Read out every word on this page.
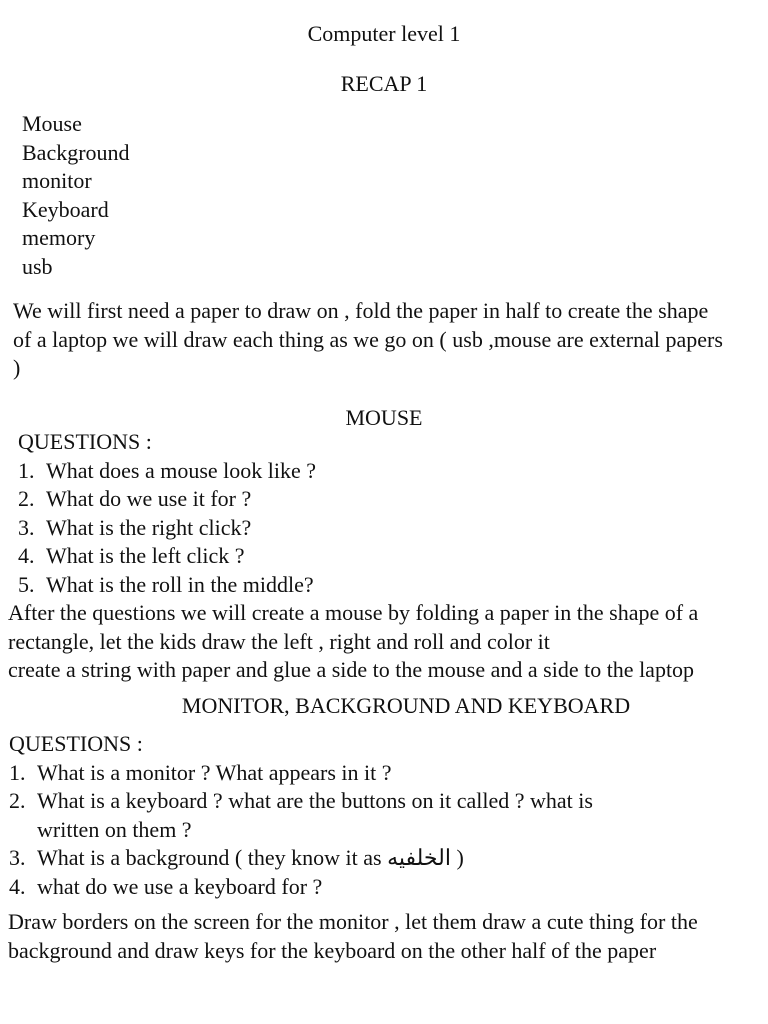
Computer level 1
RECAP 1
Mouse
Background
monitor
Keyboard
memory
usb

We will first need a paper to draw on , fold the paper in half to create the shape of a laptop we will draw each thing as we go on ( usb ,mouse are external papers )

MOUSE
QUESTIONS :
1. What does a mouse look like ?
2. What do we use it for ?
3. What is the right click?
4. What is the left click ?
5. What is the roll in the middle?
After the questions we will create a mouse by folding a paper in the shape of a
rectangle, let the kids draw the left , right and roll and color it
create a string with paper and glue a side to the mouse and a side to the laptop
MONITOR, BACKGROUND AND KEYBOARD
QUESTIONS :
1. What is a monitor ? What appears in it ?
2. What is a keyboard ? what are the buttons on it called ? what is written on them ?
3. What is a background ( they know it as الخلفيه )
4. what do we use a keyboard for ?

Draw borders on the screen for the monitor , let them draw a cute thing for the background and draw keys for the keyboard on the other half of the paper
